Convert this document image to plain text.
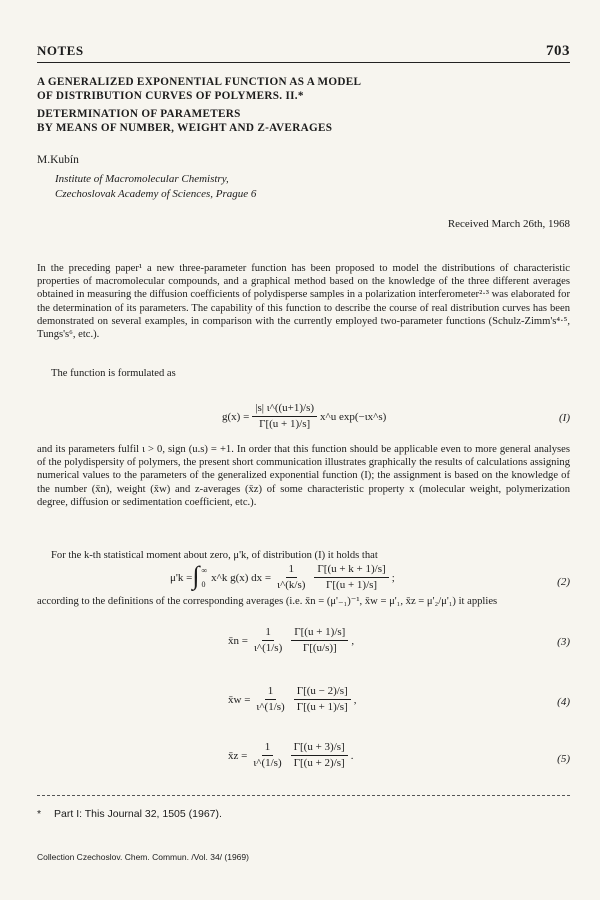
NOTES	703
A GENERALIZED EXPONENTIAL FUNCTION AS A MODEL
OF DISTRIBUTION CURVES OF POLYMERS. II.*
DETERMINATION OF PARAMETERS
BY MEANS OF NUMBER, WEIGHT AND Z-AVERAGES
M.Kubín
Institute of Macromolecular Chemistry,
Czechoslovak Academy of Sciences, Prague 6
Received March 26th, 1968
In the preceding paper¹ a new three-parameter function has been proposed to model the distributions of characteristic properties of macromolecular compounds, and a graphical method based on the knowledge of the three different averages obtained in measuring the diffusion coefficients of polydisperse samples in a polarization interferometer²·³ was elaborated for the determination of its parameters. The capability of this function to describe the course of real distribution curves has been demonstrated on several examples, in comparison with the currently employed two-parameter functions (Schulz-Zimm's⁴·⁵, Tungs's⁶, etc.).
The function is formulated as
$g(x) = \frac{|s| \iota\^{}((u+1)/s)}{\Gamma[(u + 1)/s]}$ x^u exp(−ιx^s)	(I)
and its parameters fulfil ι > 0, sign (u.s) = +1. In order that this function should be applicable even to more general analyses of the polydispersity of polymers, the present short communication illustrates graphically the results of calculations assigning numerical values to the parameters of the generalized exponential function (I); the assignment is based on the knowledge of the number (x̄n), weight (x̄w) and z-averages (x̄z) of some characteristic property x (molecular weight, polymerization degree, diffusion or sedimentation coefficient, etc.).
For the k-th statistical moment about zero, μ'k, of distribution (I) it holds that
μ'k = ∫ ∞
0
x^k g(x) dx = $\frac{1}{\iota\^{}(k/s)} \frac{\Gamma[(u + k + 1)/s]}{\Gamma[(u + 1)/s]}$ ;	(2)
according to the definitions of the corresponding averages (i.e. x̄n = (μ'₋₁)⁻¹, x̄w = μ'₁, x̄z = μ'₂/μ'₁) it applies
x̄n = $\frac{1}{\iota\^{}(1/s)} \frac{\Gamma[(u + 1)/s]}{\Gamma[(u/s)]}$ ,	(3)
x̄w = $\frac{1}{\iota\^{}(1/s)} \frac{\Gamma[(u - 2)/s]}{\Gamma[(u + 1)/s]}$ ,	(4)
x̄z = $\frac{1}{\iota\^{}(1/s)} \frac{\Gamma[(u + 3)/s]}{\Gamma[(u + 2)/s]}$ .	(5)
* Part I: This Journal 32, 1505 (1967).
Collection Czechoslov. Chem. Commun. /Vol. 34/ (1969)
